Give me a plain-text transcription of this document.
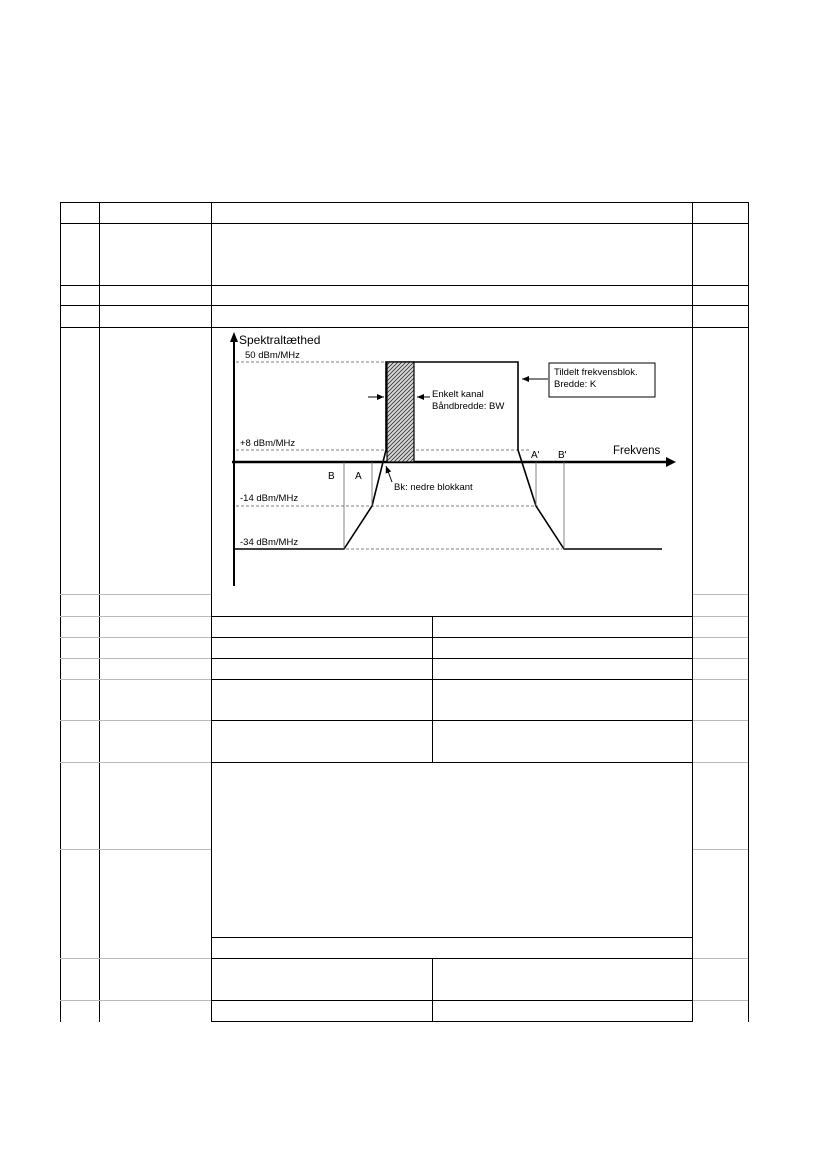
Spektraltæthed
Frekvens
50 dBm/MHz
+8 dBm/MHz
-14 dBm/MHz
-34 dBm/MHz
B A
A' B'
Enkelt kanal
Båndbredde: BW
Tildelt frekvensblok.
Bredde: K
Bk: nedre blokkant
